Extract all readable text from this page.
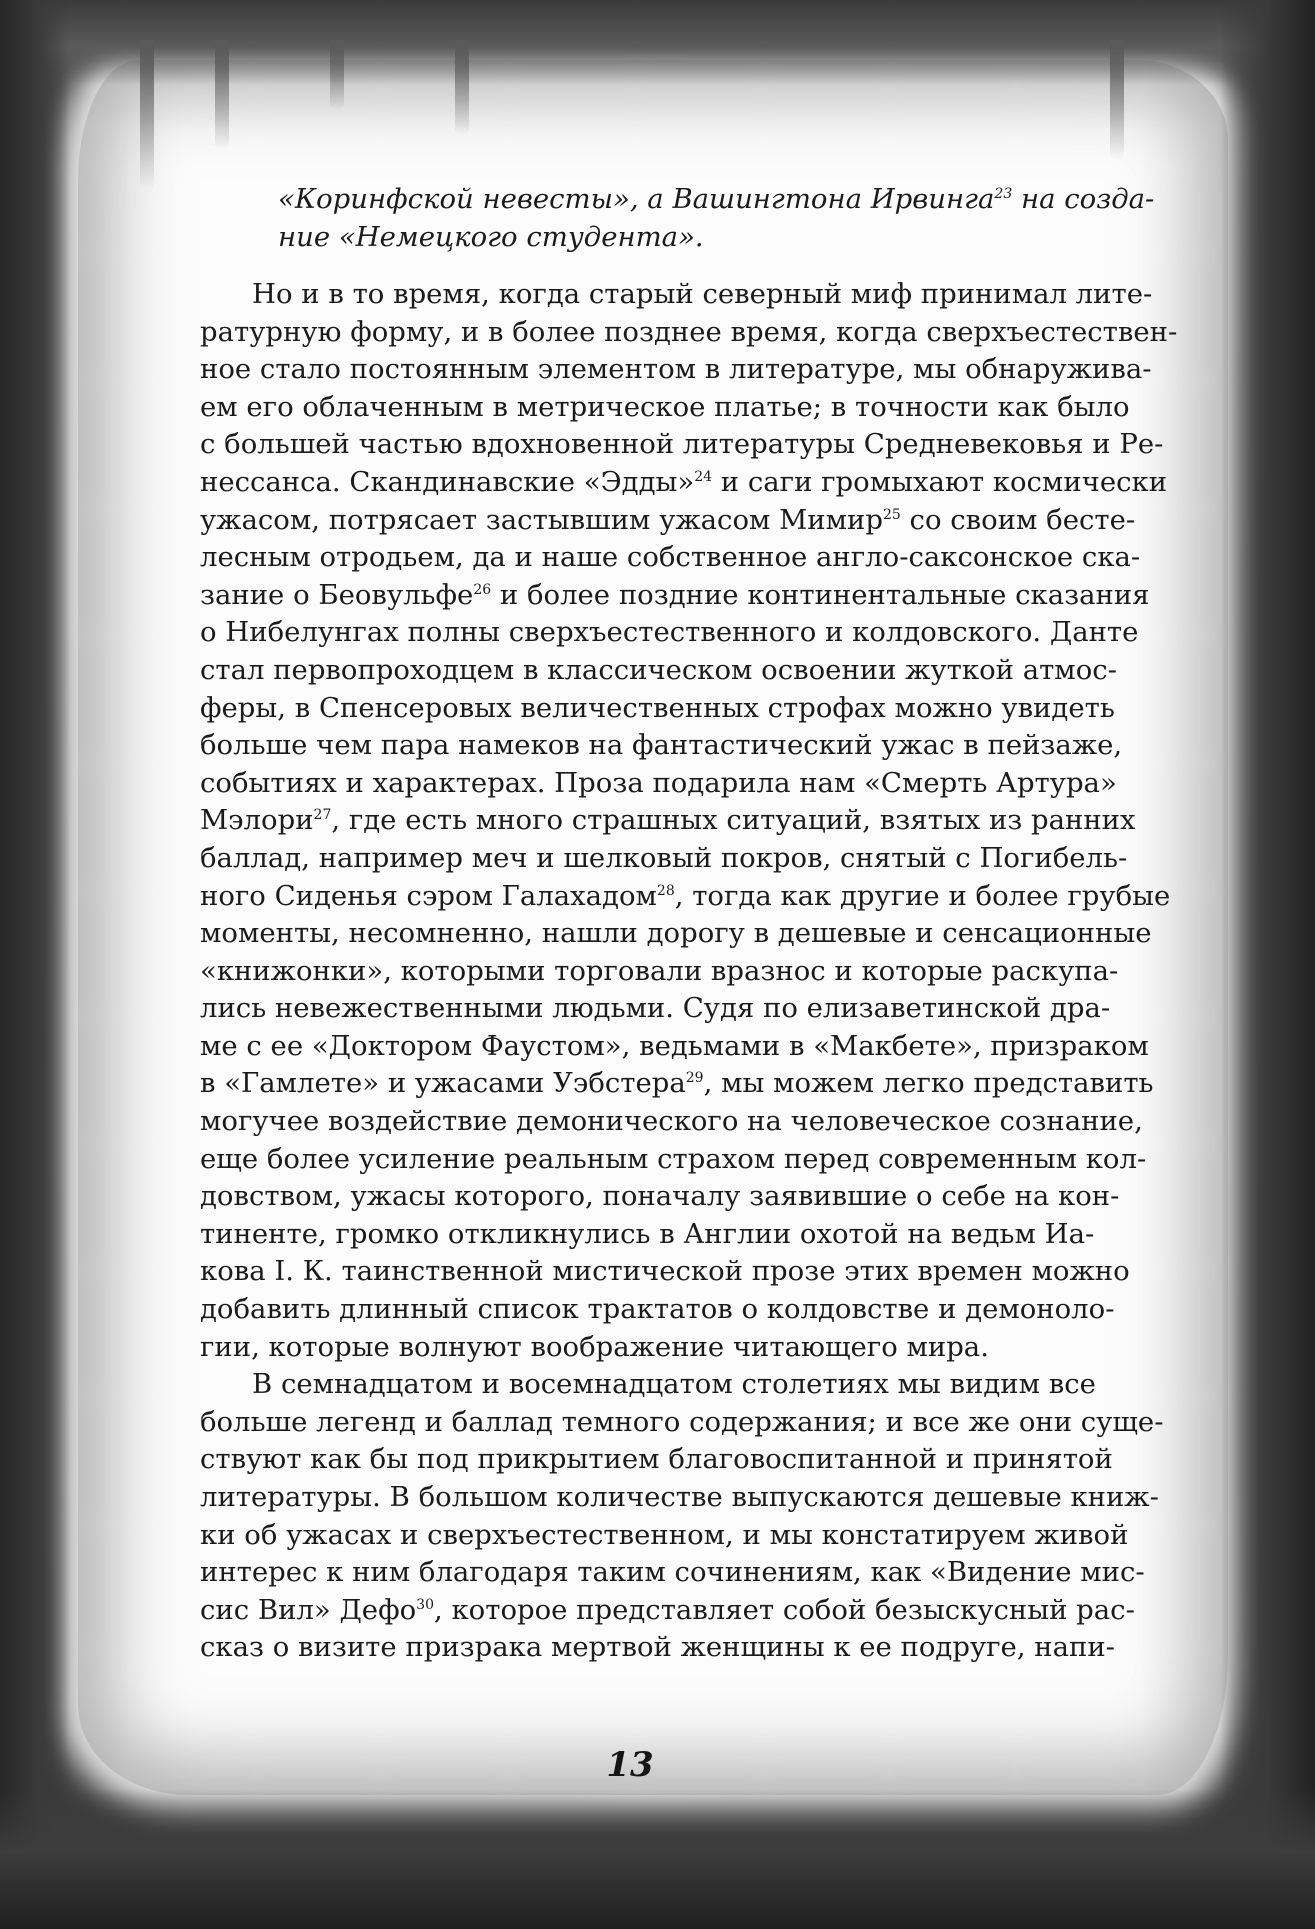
«Коринфской невесты», а Вашингтона Ирвинга$^{23}$ на созда-
ние «Немецкого студента».
Но и в то время, когда старый северный миф принимал лите-
ратурную форму, и в более позднее время, когда сверхъестествен-
ное стало постоянным элементом в литературе, мы обнаружива-
ем его облаченным в метрическое платье; в точности как было
с большей частью вдохновенной литературы Средневековья и Ре-
нессанса. Скандинавские «Эдды»$^{24}$ и саги громыхают космически
ужасом, потрясает застывшим ужасом Мимир$^{25}$ со своим бесте-
лесным отродьем, да и наше собственное англо-саксонское ска-
зание о Беовульфе$^{26}$ и более поздние континентальные сказания
о Нибелунгах полны сверхъестественного и колдовского. Данте
стал первопроходцем в классическом освоении жуткой атмос-
феры, в Спенсеровых величественных строфах можно увидеть
больше чем пара намеков на фантастический ужас в пейзаже,
событиях и характерах. Проза подарила нам «Смерть Артура»
Мэлори$^{27}$, где есть много страшных ситуаций, взятых из ранних
баллад, например меч и шелковый покров, снятый с Погибель-
ного Сиденья сэром Галахадом$^{28}$, тогда как другие и более грубые
моменты, несомненно, нашли дорогу в дешевые и сенсационные
«книжонки», которыми торговали вразнос и которые раскупа-
лись невежественными людьми. Судя по елизаветинской дра-
ме с ее «Доктором Фаустом», ведьмами в «Макбете», призраком
в «Гамлете» и ужасами Уэбстера$^{29}$, мы можем легко представить
могучее воздействие демонического на человеческое сознание,
еще более усиление реальным страхом перед современным кол-
довством, ужасы которого, поначалу заявившие о себе на кон-
тиненте, громко откликнулись в Англии охотой на ведьм Иа-
кова I. К. таинственной мистической прозе этих времен можно
добавить длинный список трактатов о колдовстве и демоноло-
гии, которые волнуют воображение читающего мира.
В семнадцатом и восемнадцатом столетиях мы видим все
больше легенд и баллад темного содержания; и все же они суще-
ствуют как бы под прикрытием благовоспитанной и принятой
литературы. В большом количестве выпускаются дешевые книж-
ки об ужасах и сверхъестественном, и мы констатируем живой
интерес к ним благодаря таким сочинениям, как «Видение мис-
сис Вил» Дефо$^{30}$, которое представляет собой безыскусный рас-
сказ о визите призрака мертвой женщины к ее подруге, напи-
13
